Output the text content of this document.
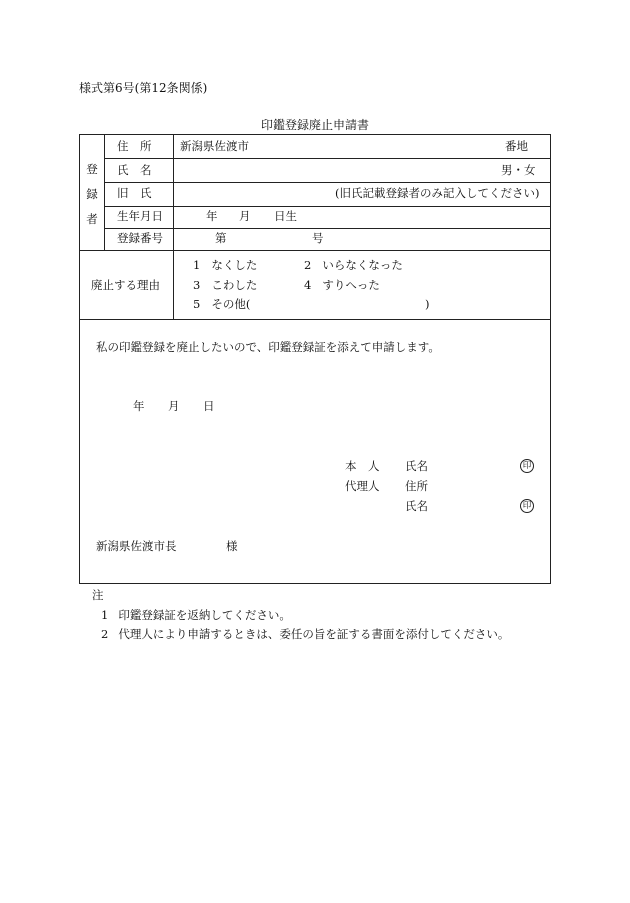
様式第6号(第12条関係)
印鑑登録廃止申請書
登
録
者
住　所 新潟県佐渡市	番地
氏　名	男・女
旧　氏	(旧氏記載登録者のみ記入してください)
生年月日	年 月 日生
登録番号	第	号
廃止する理由
1 なくした	2 いらなくなった
3 こわした	4 すりへった
5 その他(	)
私の印鑑登録を廃止したいので、印鑑登録証を添えて申請します。
年 月 日
本　人 氏名	印
代理人 住所
氏名	印
新潟県佐渡市長	様
注
1 印鑑登録証を返納してください。
2 代理人により申請するときは、委任の旨を証する書面を添付してください。
